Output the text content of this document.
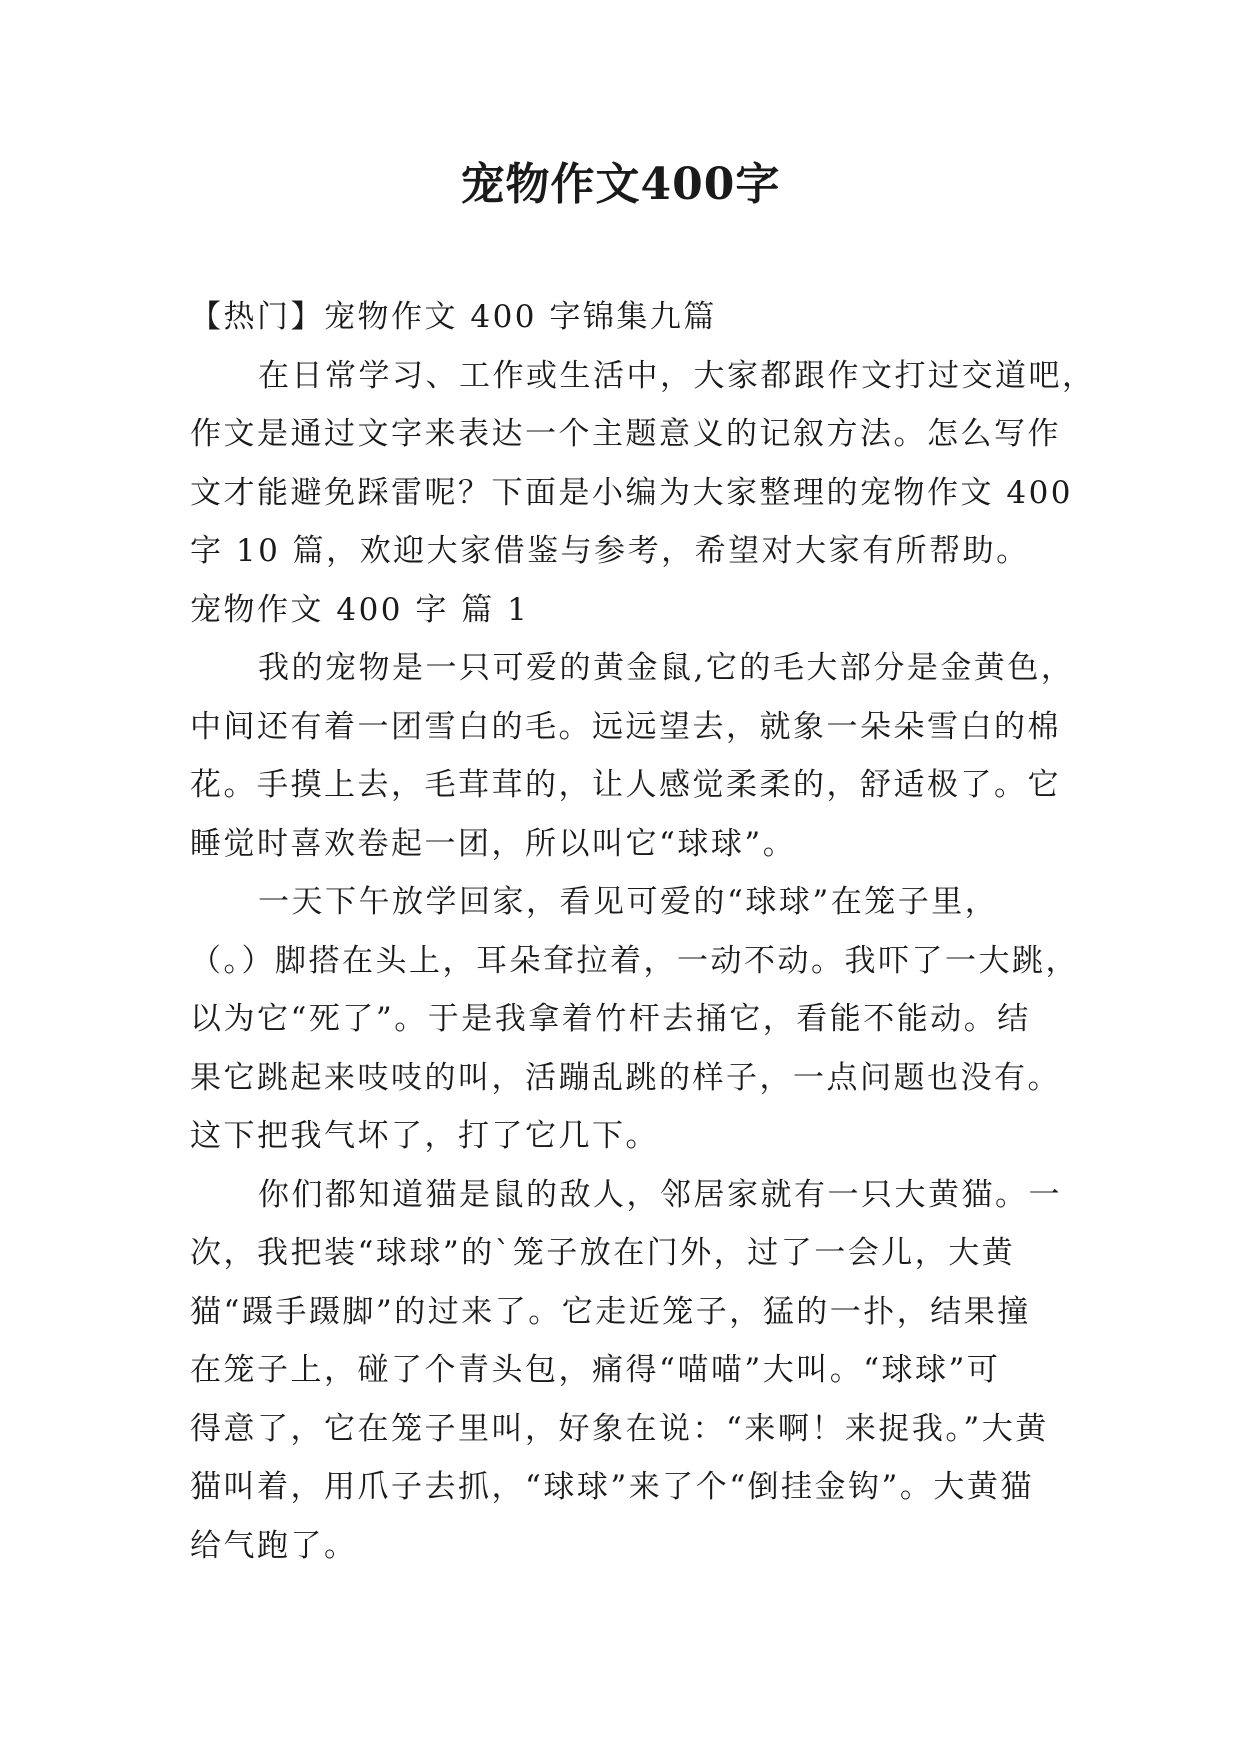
宠物作文400字
【热门】宠物作文 400 字锦集九篇
在日常学习、工作或生活中，大家都跟作文打过交道吧，
作文是通过文字来表达一个主题意义的记叙方法。怎么写作
文才能避免踩雷呢？下面是小编为大家整理的宠物作文 400
字 10 篇，欢迎大家借鉴与参考，希望对大家有所帮助。
宠物作文 400 字 篇 1
我的宠物是一只可爱的黄金鼠,它的毛大部分是金黄色，
中间还有着一团雪白的毛。远远望去，就象一朵朵雪白的棉
花。手摸上去，毛茸茸的，让人感觉柔柔的，舒适极了。它
睡觉时喜欢卷起一团，所以叫它“球球”。
一天下午放学回家，看见可爱的“球球”在笼子里，
（。）脚搭在头上，耳朵耷拉着，一动不动。我吓了一大跳，
以为它“死了”。于是我拿着竹杆去捅它，看能不能动。结
果它跳起来吱吱的叫，活蹦乱跳的样子，一点问题也没有。
这下把我气坏了，打了它几下。
你们都知道猫是鼠的敌人，邻居家就有一只大黄猫。一
次，我把装“球球”的`笼子放在门外，过了一会儿，大黄
猫“蹑手蹑脚”的过来了。它走近笼子，猛的一扑，结果撞
在笼子上，碰了个青头包，痛得“喵喵”大叫。“球球”可
得意了，它在笼子里叫，好象在说：“来啊！来捉我。”大黄
猫叫着，用爪子去抓，“球球”来了个“倒挂金钩”。大黄猫
给气跑了。
